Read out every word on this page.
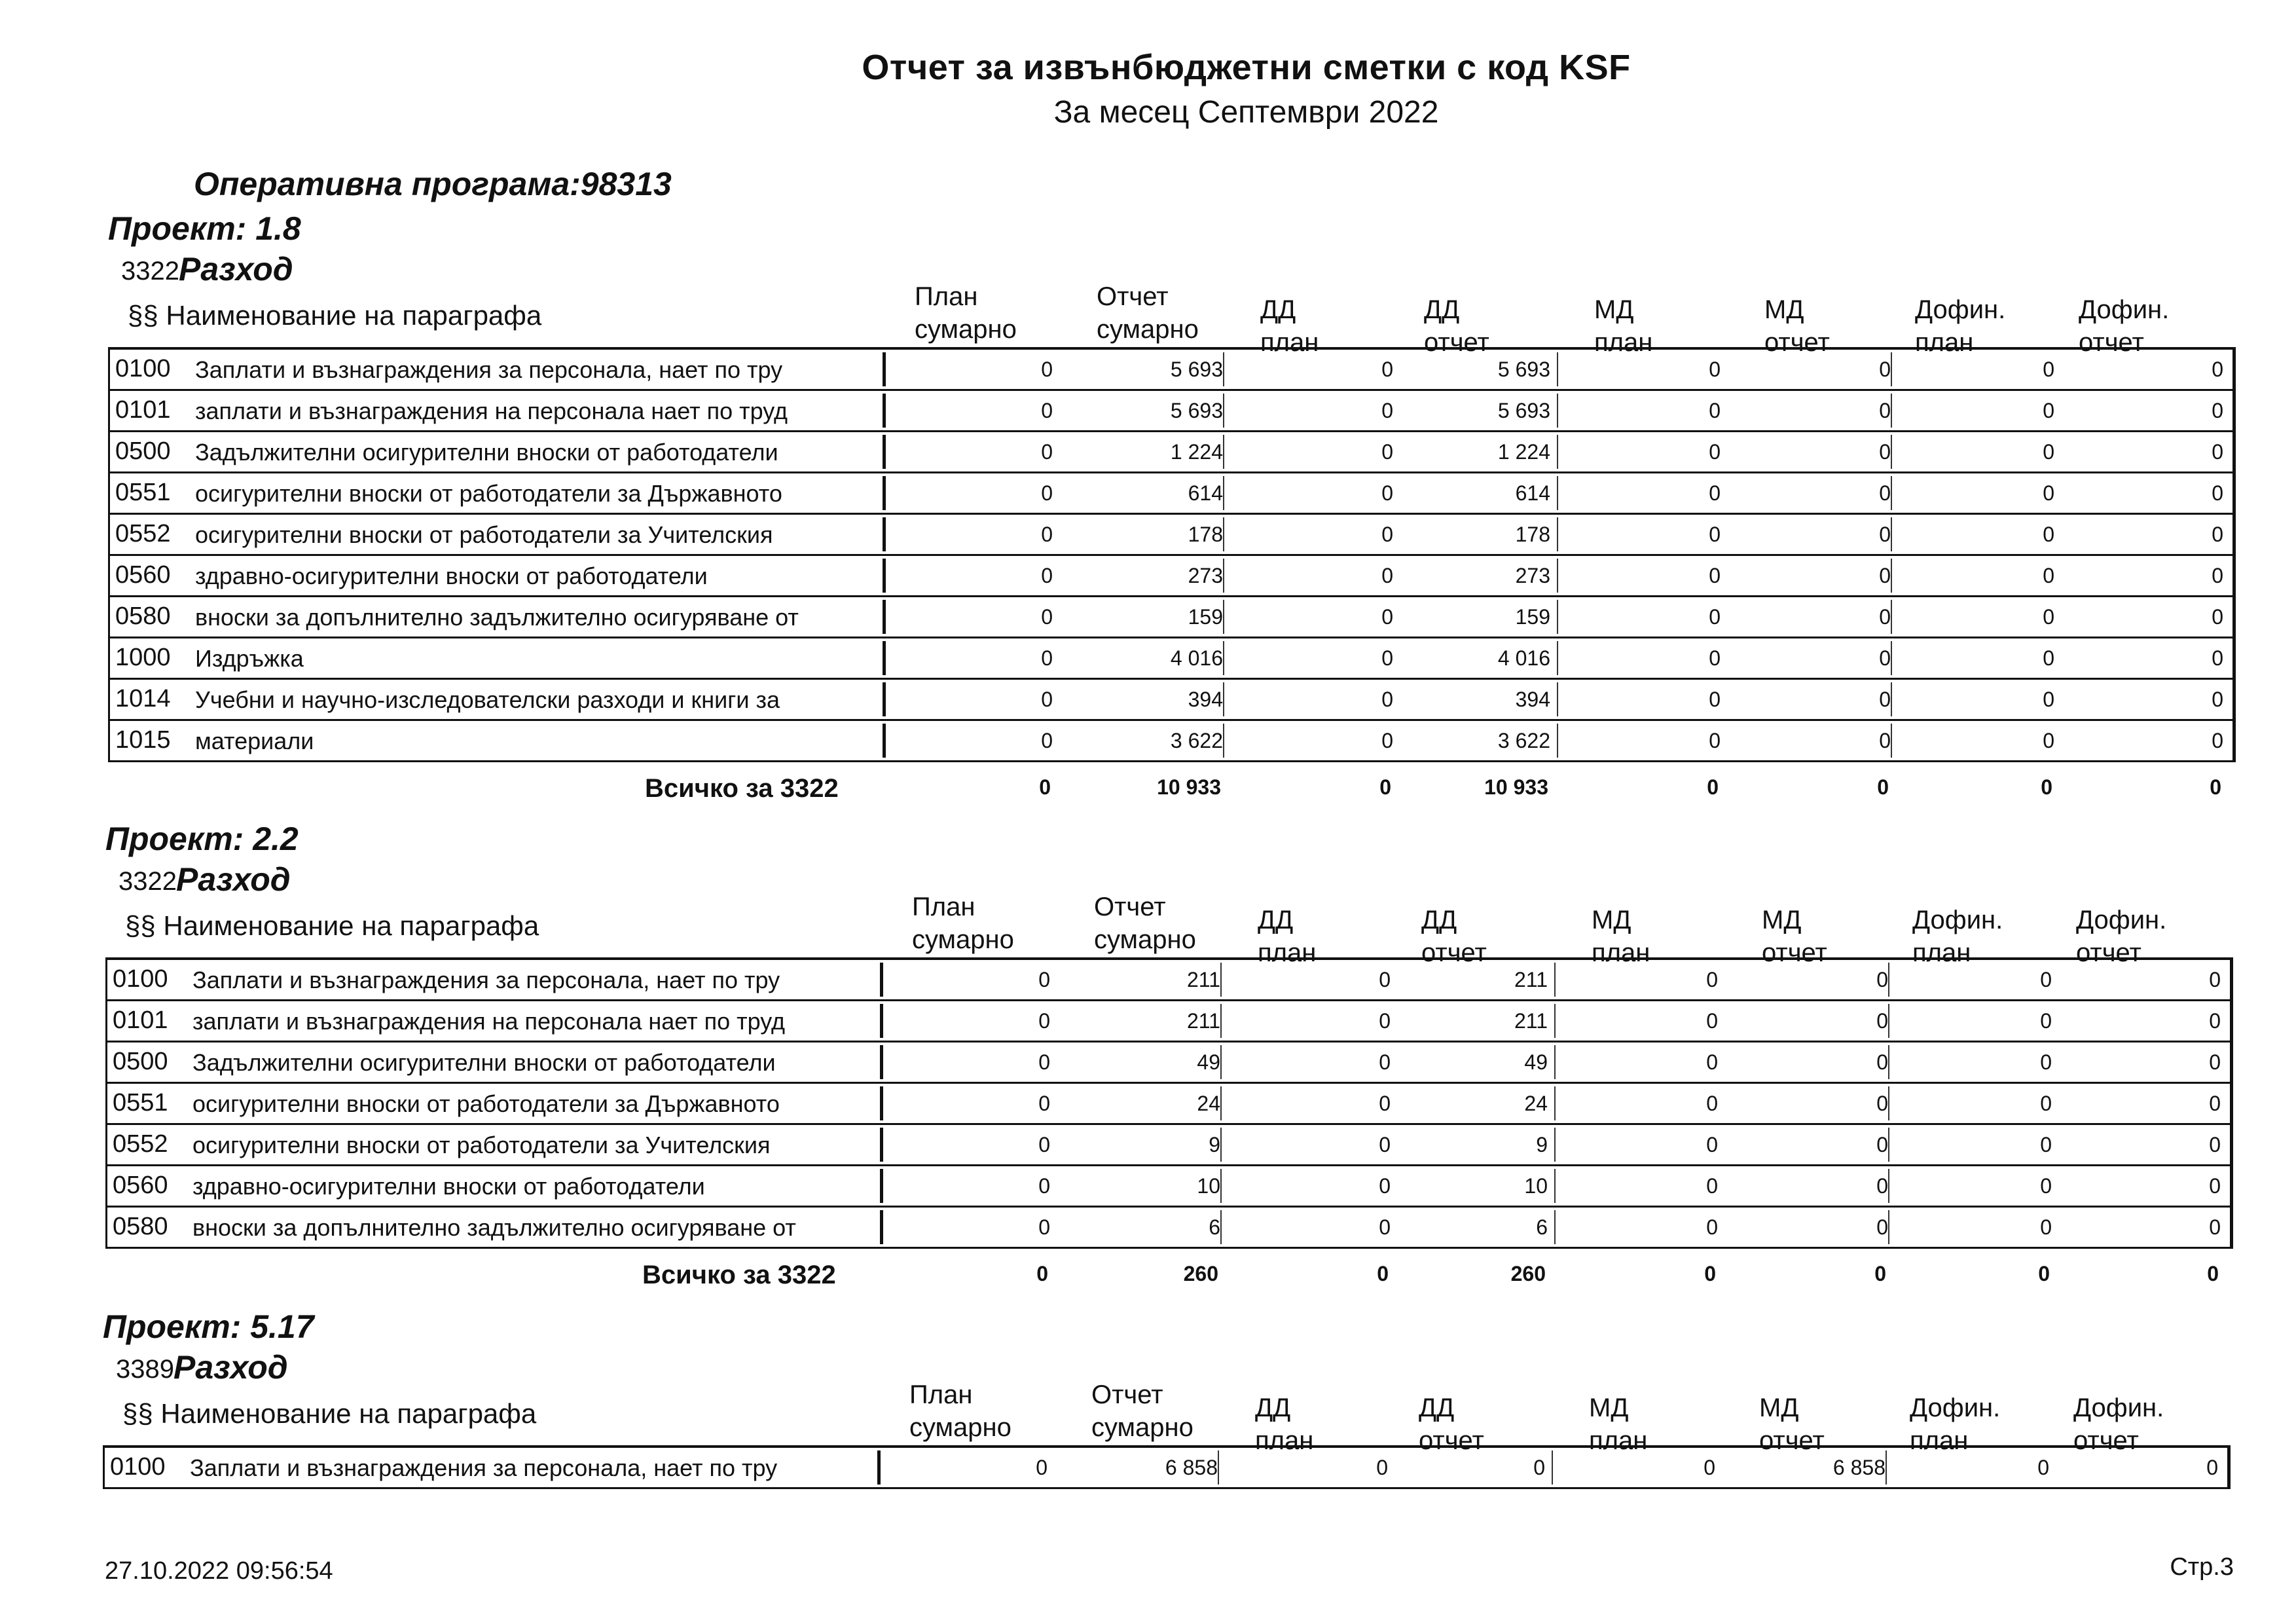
Отчет за извънбюджетни сметки с код KSF
За месец Септември 2022
Оперативна програма:98313
Проект: 1.8
3322 Разход
§§ Наименование на параграфа
План
сумарно
Отчет
сумарно
ДД
план
ДД
отчет
МД
план
МД
отчет
Дофин.
план
Дофин.
отчет
0100 Заплати и възнаграждения за персонала, нает по тру	0	5 693	0	5 693	0	0	0	0
0101 заплати и възнаграждения на персонала нает по труд	0	5 693	0	5 693	0	0	0	0
0500 Задължителни осигурителни вноски от работодатели	0	1 224	0	1 224	0	0	0	0
0551 осигурителни вноски от работодатели за Държавното	0	614	0	614	0	0	0	0
0552 осигурителни вноски от работодатели за Учителския	0	178	0	178	0	0	0	0
0560 здравно-осигурителни вноски от работодатели	0	273	0	273	0	0	0	0
0580 вноски за допълнително задължително осигуряване от	0	159	0	159	0	0	0	0
1000 Издръжка	0	4 016	0	4 016	0	0	0	0
1014 Учебни и научно-изследователски разходи и книги за	0	394	0	394	0	0	0	0
1015 материали	0	3 622	0	3 622	0	0	0	0
Всичко за 3322	0	10 933	0	10 933	0	0	0	0
Проект: 2.2
3322 Разход
§§ Наименование на параграфа
План
сумарно
Отчет
сумарно
ДД
план
ДД
отчет
МД
план
МД
отчет
Дофин.
план
Дофин.
отчет
0100 Заплати и възнаграждения за персонала, нает по тру	0	211	0	211	0	0	0	0
0101 заплати и възнаграждения на персонала нает по труд	0	211	0	211	0	0	0	0
0500 Задължителни осигурителни вноски от работодатели	0	49	0	49	0	0	0	0
0551 осигурителни вноски от работодатели за Държавното	0	24	0	24	0	0	0	0
0552 осигурителни вноски от работодатели за Учителския	0	9	0	9	0	0	0	0
0560 здравно-осигурителни вноски от работодатели	0	10	0	10	0	0	0	0
0580 вноски за допълнително задължително осигуряване от	0	6	0	6	0	0	0	0
Всичко за 3322	0	260	0	260	0	0	0	0
Проект: 5.17
3389 Разход
§§ Наименование на параграфа
План
сумарно
Отчет
сумарно
ДД
план
ДД
отчет
МД
план
МД
отчет
Дофин.
план
Дофин.
отчет
0100 Заплати и възнаграждения за персонала, нает по тру	0	6 858	0	0	0	6 858	0	0
27.10.2022 09:56:54	Стр.3
